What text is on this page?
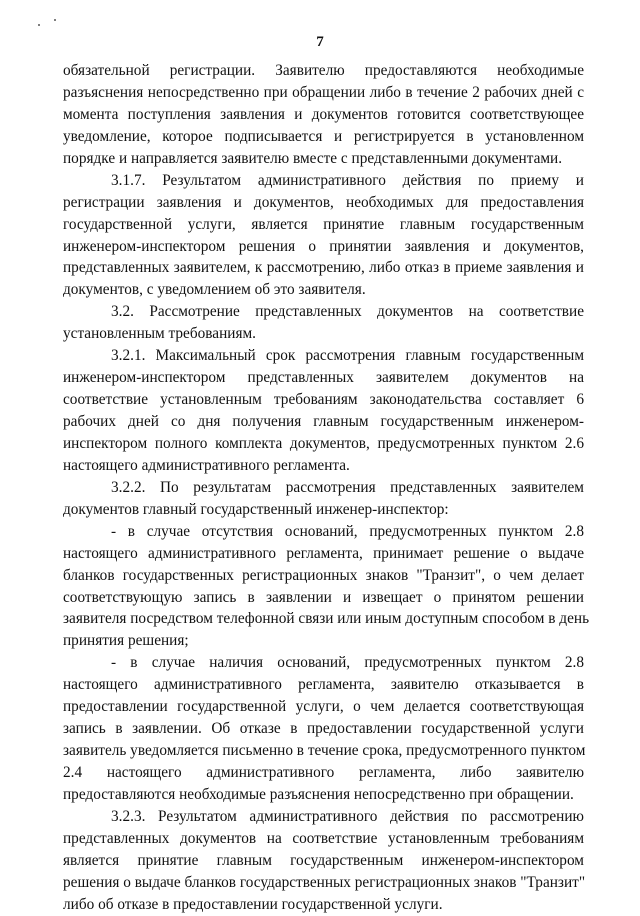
7
обязательной регистрации. Заявителю предоставляются необходимые
разъяснения непосредственно при обращении либо в течение 2 рабочих дней с
момента поступления заявления и документов готовится соответствующее
уведомление, которое подписывается и регистрируется в установленном
порядке и направляется заявителю вместе с представленными документами.
3.1.7. Результатом административного действия по приему и
регистрации заявления и документов, необходимых для предоставления
государственной услуги, является принятие главным государственным
инженером-инспектором решения о принятии заявления и документов,
представленных заявителем, к рассмотрению, либо отказ в приеме заявления и
документов, с уведомлением об это заявителя.
3.2. Рассмотрение представленных документов на соответствие
установленным требованиям.
3.2.1. Максимальный срок рассмотрения главным государственным
инженером-инспектором представленных заявителем документов на
соответствие установленным требованиям законодательства составляет 6
рабочих дней со дня получения главным государственным инженером-
инспектором полного комплекта документов, предусмотренных пунктом 2.6
настоящего административного регламента.
3.2.2. По результатам рассмотрения представленных заявителем
документов главный государственный инженер-инспектор:
- в случае отсутствия оснований, предусмотренных пунктом 2.8
настоящего административного регламента, принимает решение о выдаче
бланков государственных регистрационных знаков "Транзит", о чем делает
соответствующую запись в заявлении и извещает о принятом решении
заявителя посредством телефонной связи или иным доступным способом в день
принятия решения;
- в случае наличия оснований, предусмотренных пунктом 2.8
настоящего административного регламента, заявителю отказывается в
предоставлении государственной услуги, о чем делается соответствующая
запись в заявлении. Об отказе в предоставлении государственной услуги
заявитель уведомляется письменно в течение срока, предусмотренного пунктом
2.4 настоящего административного регламента, либо заявителю
предоставляются необходимые разъяснения непосредственно при обращении.
3.2.3. Результатом административного действия по рассмотрению
представленных документов на соответствие установленным требованиям
является принятие главным государственным инженером-инспектором
решения о выдаче бланков государственных регистрационных знаков "Транзит"
либо об отказе в предоставлении государственной услуги.
